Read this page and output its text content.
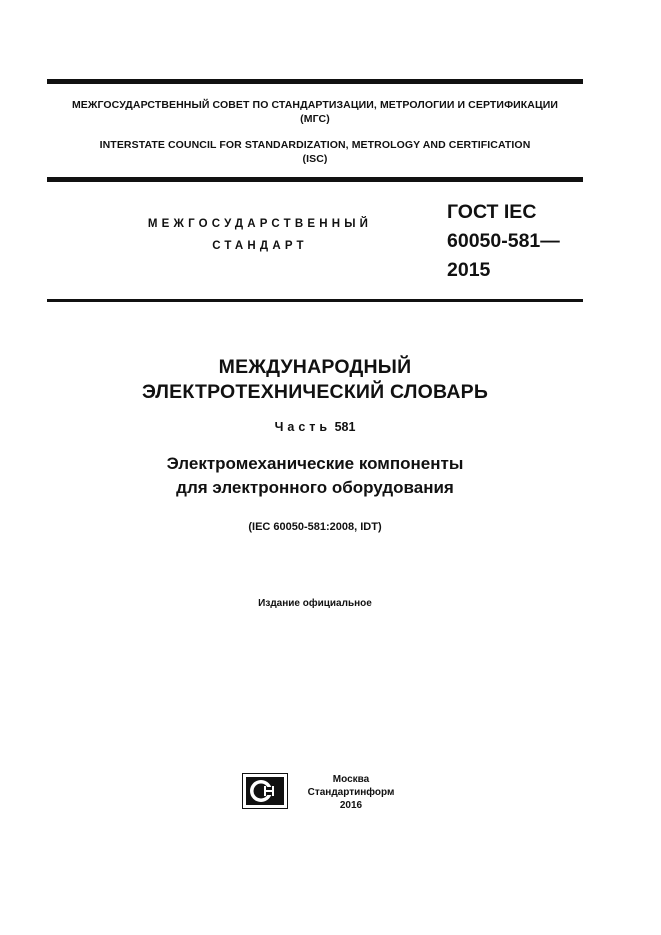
МЕЖГОСУДАРСТВЕННЫЙ СОВЕТ ПО СТАНДАРТИЗАЦИИ, МЕТРОЛОГИИ И СЕРТИФИКАЦИИ
(МГС)
INTERSTATE COUNCIL FOR STANDARDIZATION, METROLOGY AND CERTIFICATION
(ISC)
МЕЖГОСУДАРСТВЕННЫЙ
СТАНДАРТ
ГОСТ IEC
60050-581—
2015
МЕЖДУНАРОДНЫЙ
ЭЛЕКТРОТЕХНИЧЕСКИЙ СЛОВАРЬ
Часть 581
Электромеханические компоненты
для электронного оборудования
(IEC 60050-581:2008, IDT)
Издание официальное
Москва
Стандартинформ
2016
